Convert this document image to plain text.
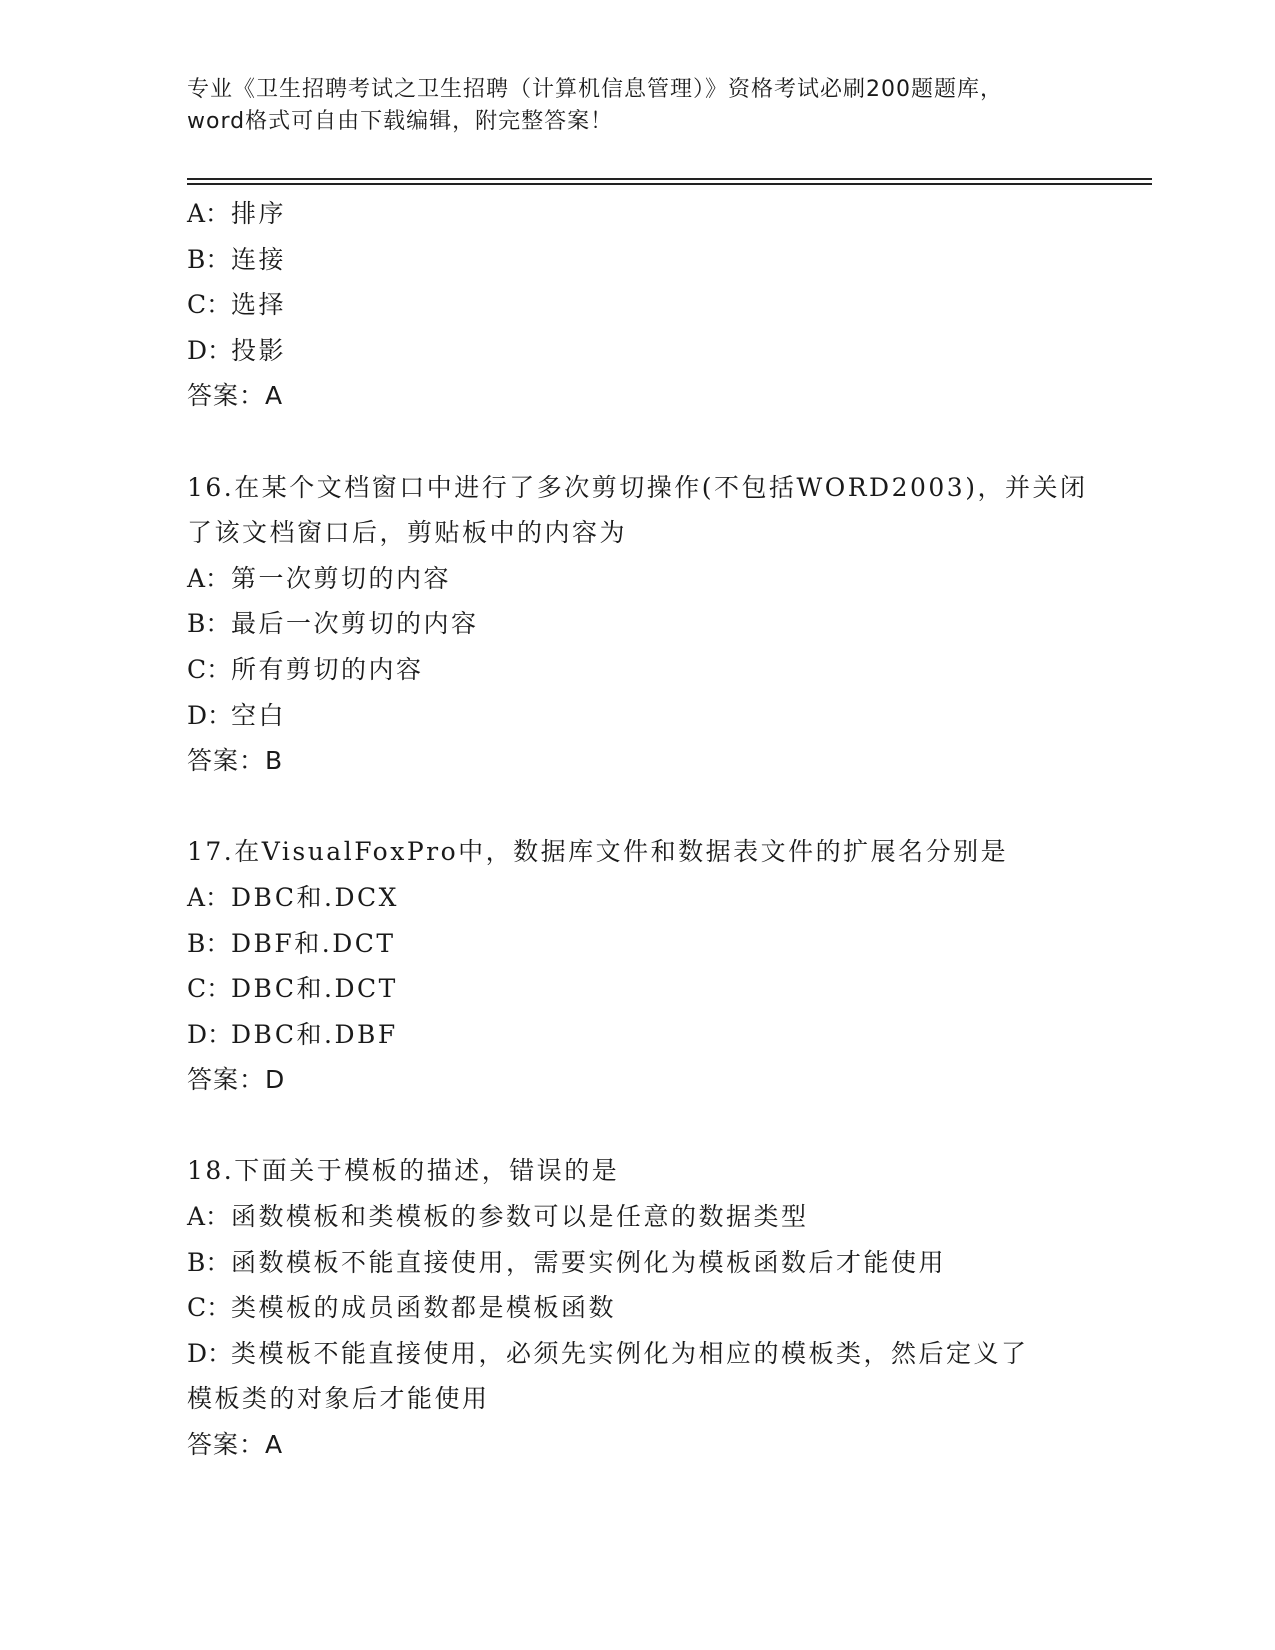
专业《卫生招聘考试之卫生招聘（计算机信息管理）》资格考试必刷200题题库，
word格式可自由下载编辑，附完整答案！
A：排序
B：连接
C：选择
D：投影
答案：A
16.在某个文档窗口中进行了多次剪切操作(不包括WORD2003)，并关闭
了该文档窗口后，剪贴板中的内容为
A：第一次剪切的内容
B：最后一次剪切的内容
C：所有剪切的内容
D：空白
答案：B
17.在VisualFoxPro中，数据库文件和数据表文件的扩展名分别是
A：DBC和.DCX
B：DBF和.DCT
C：DBC和.DCT
D：DBC和.DBF
答案：D
18.下面关于模板的描述，错误的是
A：函数模板和类模板的参数可以是任意的数据类型
B：函数模板不能直接使用，需要实例化为模板函数后才能使用
C：类模板的成员函数都是模板函数
D：类模板不能直接使用，必须先实例化为相应的模板类，然后定义了
模板类的对象后才能使用
答案：A
